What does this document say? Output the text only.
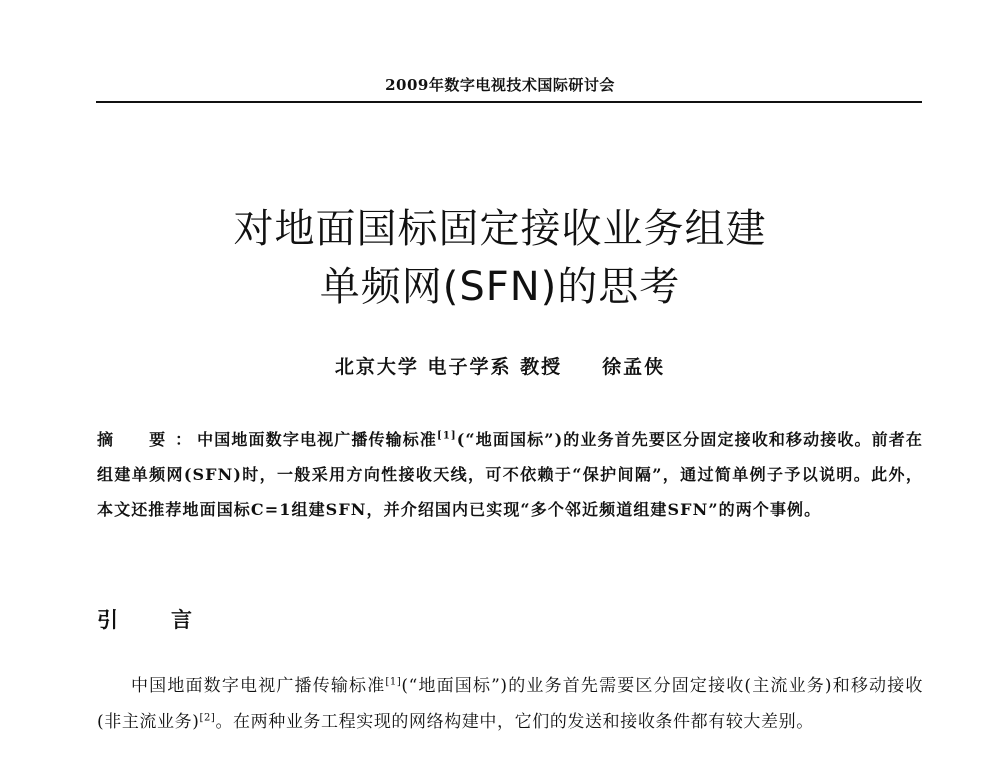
2009年数字电视技术国际研讨会
对地面国标固定接收业务组建
单频网(SFN)的思考
北京大学 电子学系 教授 徐孟侠
摘　要： 中国地面数字电视广播传输标准[1](“地面国标”)的业务首先要区分固定接收和移动接收。前者在组建单频网(SFN)时，一般采用方向性接收天线，可不依赖于“保护间隔”，通过简单例子予以说明。此外，本文还推荐地面国标C=1组建SFN，并介绍国内已实现“多个邻近频道组建SFN”的两个事例。
引　言
中国地面数字电视广播传输标准[1](“地面国标”)的业务首先需要区分固定接收(主流业务)和移动接收(非主流业务)[2]。在两种业务工程实现的网络构建中，它们的发送和接收条件都有较大差别。
